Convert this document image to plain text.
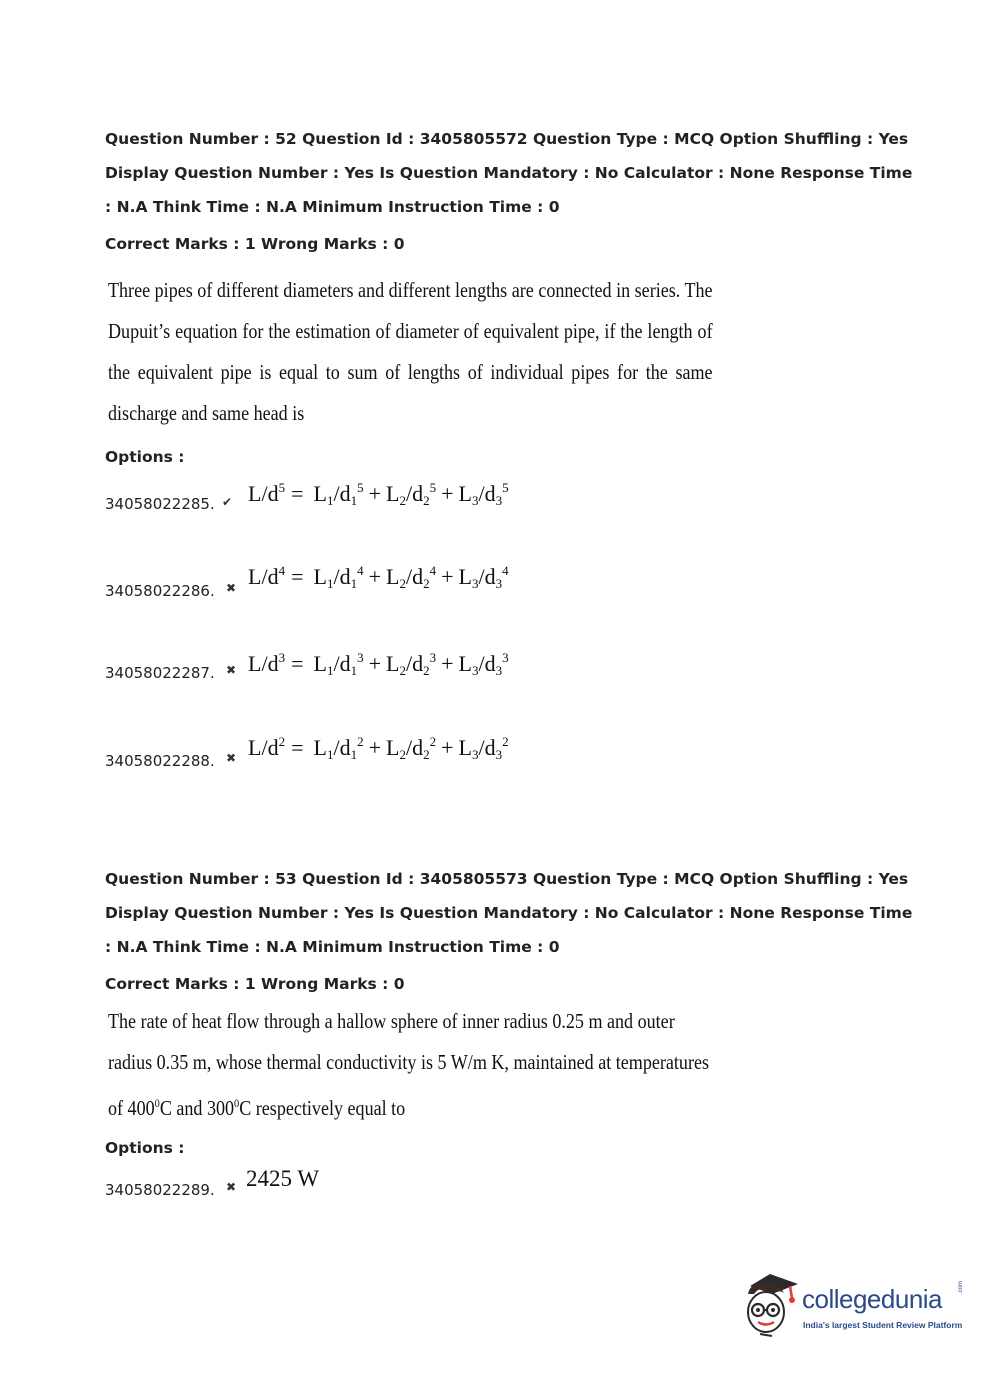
Question Number : 52 Question Id : 3405805572 Question Type : MCQ Option Shuffling : Yes
Display Question Number : Yes Is Question Mandatory : No Calculator : None Response Time
: N.A Think Time : N.A Minimum Instruction Time : 0
Correct Marks : 1 Wrong Marks : 0
Three pipes of different diameters and different lengths are connected in series. The Dupuit’s equation for the estimation of diameter of equivalent pipe, if the length of the equivalent pipe is equal to sum of lengths of individual pipes for the same discharge and same head is
Options :
34058022285. ✔ $L/d^5 = L_1/d_1^5 + L_2/d_2^5 + L_3/d_3^5$
34058022286. ✖ $L/d^4 = L_1/d_1^4 + L_2/d_2^4 + L_3/d_3^4$
34058022287. ✖ $L/d^3 = L_1/d_1^3 + L_2/d_2^3 + L_3/d_3^3$
34058022288. ✖ $L/d^2 = L_1/d_1^2 + L_2/d_2^2 + L_3/d_3^2$
Question Number : 53 Question Id : 3405805573 Question Type : MCQ Option Shuffling : Yes
Display Question Number : Yes Is Question Mandatory : No Calculator : None Response Time
: N.A Think Time : N.A Minimum Instruction Time : 0
Correct Marks : 1 Wrong Marks : 0
The rate of heat flow through a hallow sphere of inner radius 0.25 m and outer
radius 0.35 m, whose thermal conductivity is 5 W/m K, maintained at temperatures
of $400^0C$ and $300^0C$ respectively equal to
Options :
34058022289. ✖ 2425 W
collegedunia	.com
India's largest Student Review Platform
